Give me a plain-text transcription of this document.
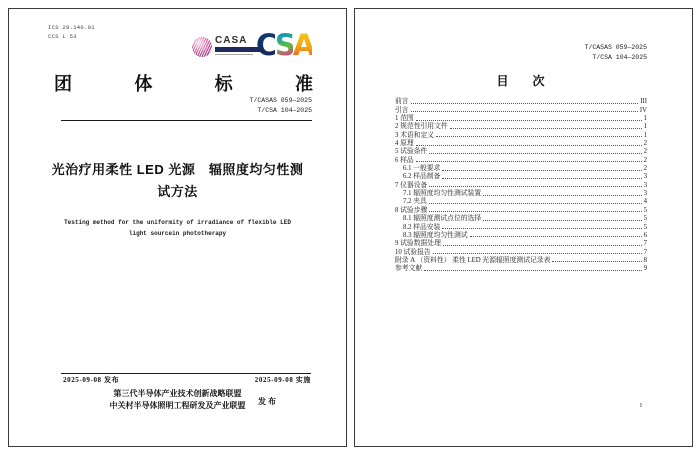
ICS 29.140.01
CCS L 53	CASA CSA
团	体	标	准
T/CASAS 059—2025
T/CSA 104—2025
光治疗用柔性 LED 光源　辐照度均匀性测
试方法
Testing method for the uniformity of irradiance of flexible LED
light sourcein phototherapy
2025-09-08 发布	2025-09-08 实施
第三代半导体产业技术创新战略联盟
中关村半导体照明工程研发及产业联盟	发布
T/CASAS 059—2025
T/CSA 104—2025
目　次
前言	III
引言	IV
1 范围	1
2 规范性引用文件	1
3 术语和定义	1
4 原理	2
5 试验条件	2
6 样品	2
6.1 一般要求	2
6.2 样品制备	3
7 仪器设备	3
7.1 辐照度均匀性测试装置	3
7.2 夹具	4
8 试验步骤	5
8.1 辐照度测试点位的选择	5
8.2 样品安装	5
8.3 辐照度均匀性测试	6
9 试验数据处理	7
10 试验报告	7
附录 A （资料性） 柔性 LED 光源辐照度测试记录表	8
参考文献	9
I
